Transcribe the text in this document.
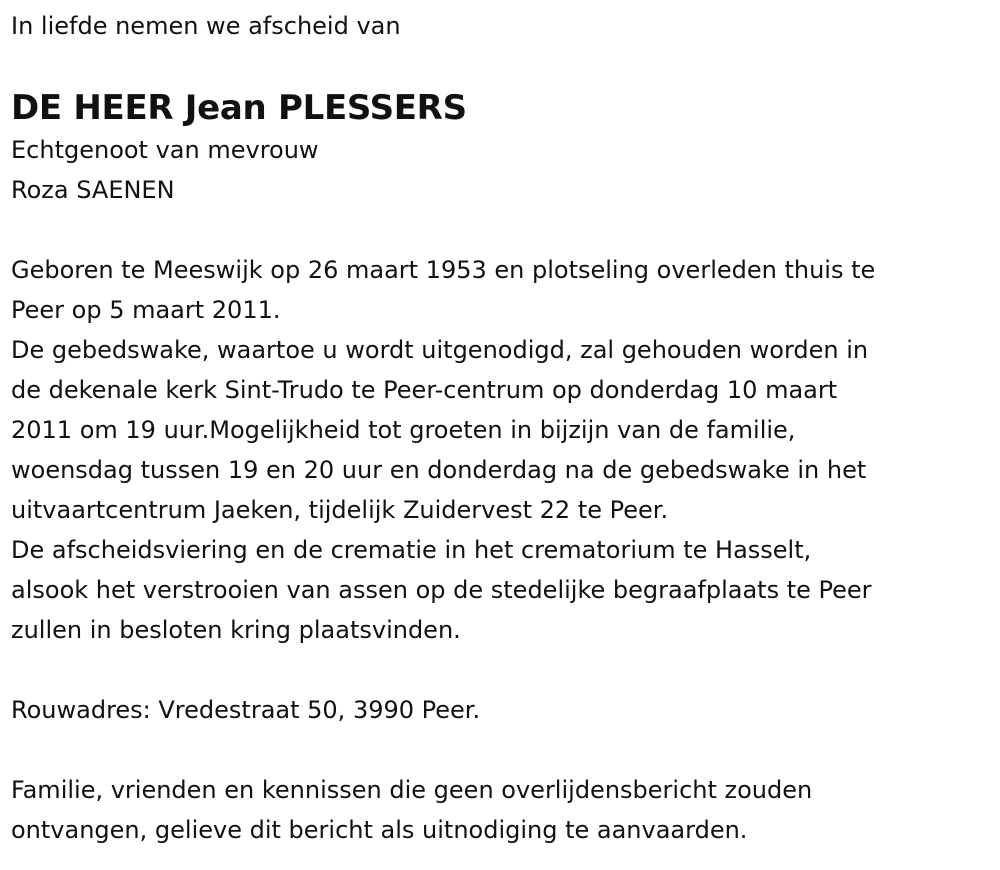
In liefde nemen we afscheid van
DE HEER Jean PLESSERS
Echtgenoot van mevrouw
Roza SAENEN
Geboren te Meeswijk op 26 maart 1953 en plotseling overleden thuis te
Peer op 5 maart 2011.
De gebedswake, waartoe u wordt uitgenodigd, zal gehouden worden in
de dekenale kerk Sint-Trudo te Peer-centrum op donderdag 10 maart
2011 om 19 uur.Mogelijkheid tot groeten in bijzijn van de familie,
woensdag tussen 19 en 20 uur en donderdag na de gebedswake in het
uitvaartcentrum Jaeken, tijdelijk Zuidervest 22 te Peer.
De afscheidsviering en de crematie in het crematorium te Hasselt,
alsook het verstrooien van assen op de stedelijke begraafplaats te Peer
zullen in besloten kring plaatsvinden.
Rouwadres: Vredestraat 50, 3990 Peer.
Familie, vrienden en kennissen die geen overlijdensbericht zouden
ontvangen, gelieve dit bericht als uitnodiging te aanvaarden.
